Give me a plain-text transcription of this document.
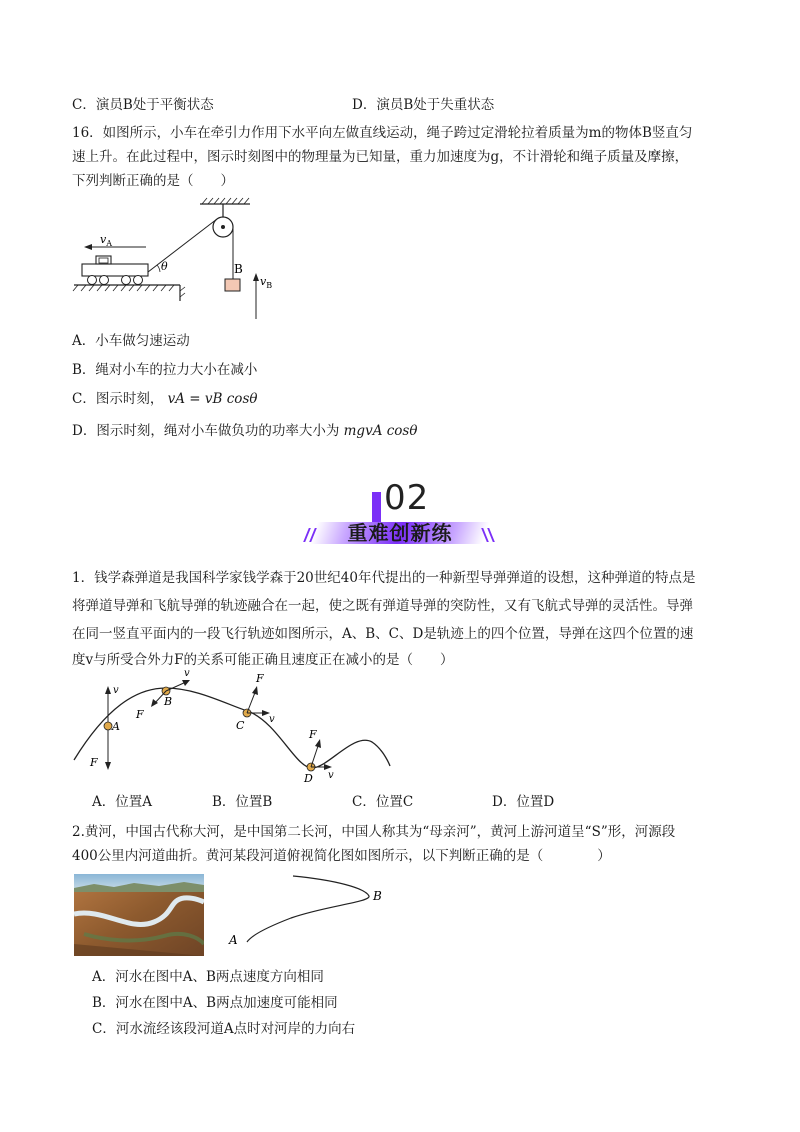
C．演员B处于平衡状态	D．演员B处于失重状态
16．如图所示，小车在牵引力作用下水平向左做直线运动，绳子跨过定滑轮拉着质量为m的物体B竖直匀
速上升。在此过程中，图示时刻图中的物理量为已知量，重力加速度为g，不计滑轮和绳子质量及摩擦，
下列判断正确的是（　　）
B
$v_B$
$v_A$
θ
A．小车做匀速运动
B．绳对小车的拉力大小在减小
C．图示时刻， vA = vB cosθ
D．图示时刻，绳对小车做负功的功率大小为 mgvA cosθ
02
重难创新练
1．钱学森弹道是我国科学家钱学森于20世纪40年代提出的一种新型导弹弹道的设想，这种弹道的特点是
将弹道导弹和飞航导弹的轨迹融合在一起，使之既有弹道导弹的突防性，又有飞航式导弹的灵活性。导弹
在同一竖直平面内的一段飞行轨迹如图所示，A、B、C、D是轨迹上的四个位置，导弹在这四个位置的速
度v与所受合外力F的关系可能正确且速度正在减小的是（　　）
A
v
F
B
v
F
C
F
v
D
F
v
A．位置A	B．位置B	C．位置C	D．位置D
2.黄河，中国古代称大河，是中国第二长河，中国人称其为“母亲河”，黄河上游河道呈“S”形，河源段
400公里内河道曲折。黄河某段河道俯视简化图如图所示，以下判断正确的是（　　　　）
B
A
A．河水在图中A、B两点速度方向相同
B．河水在图中A、B两点加速度可能相同
C．河水流经该段河道A点时对河岸的力向右
